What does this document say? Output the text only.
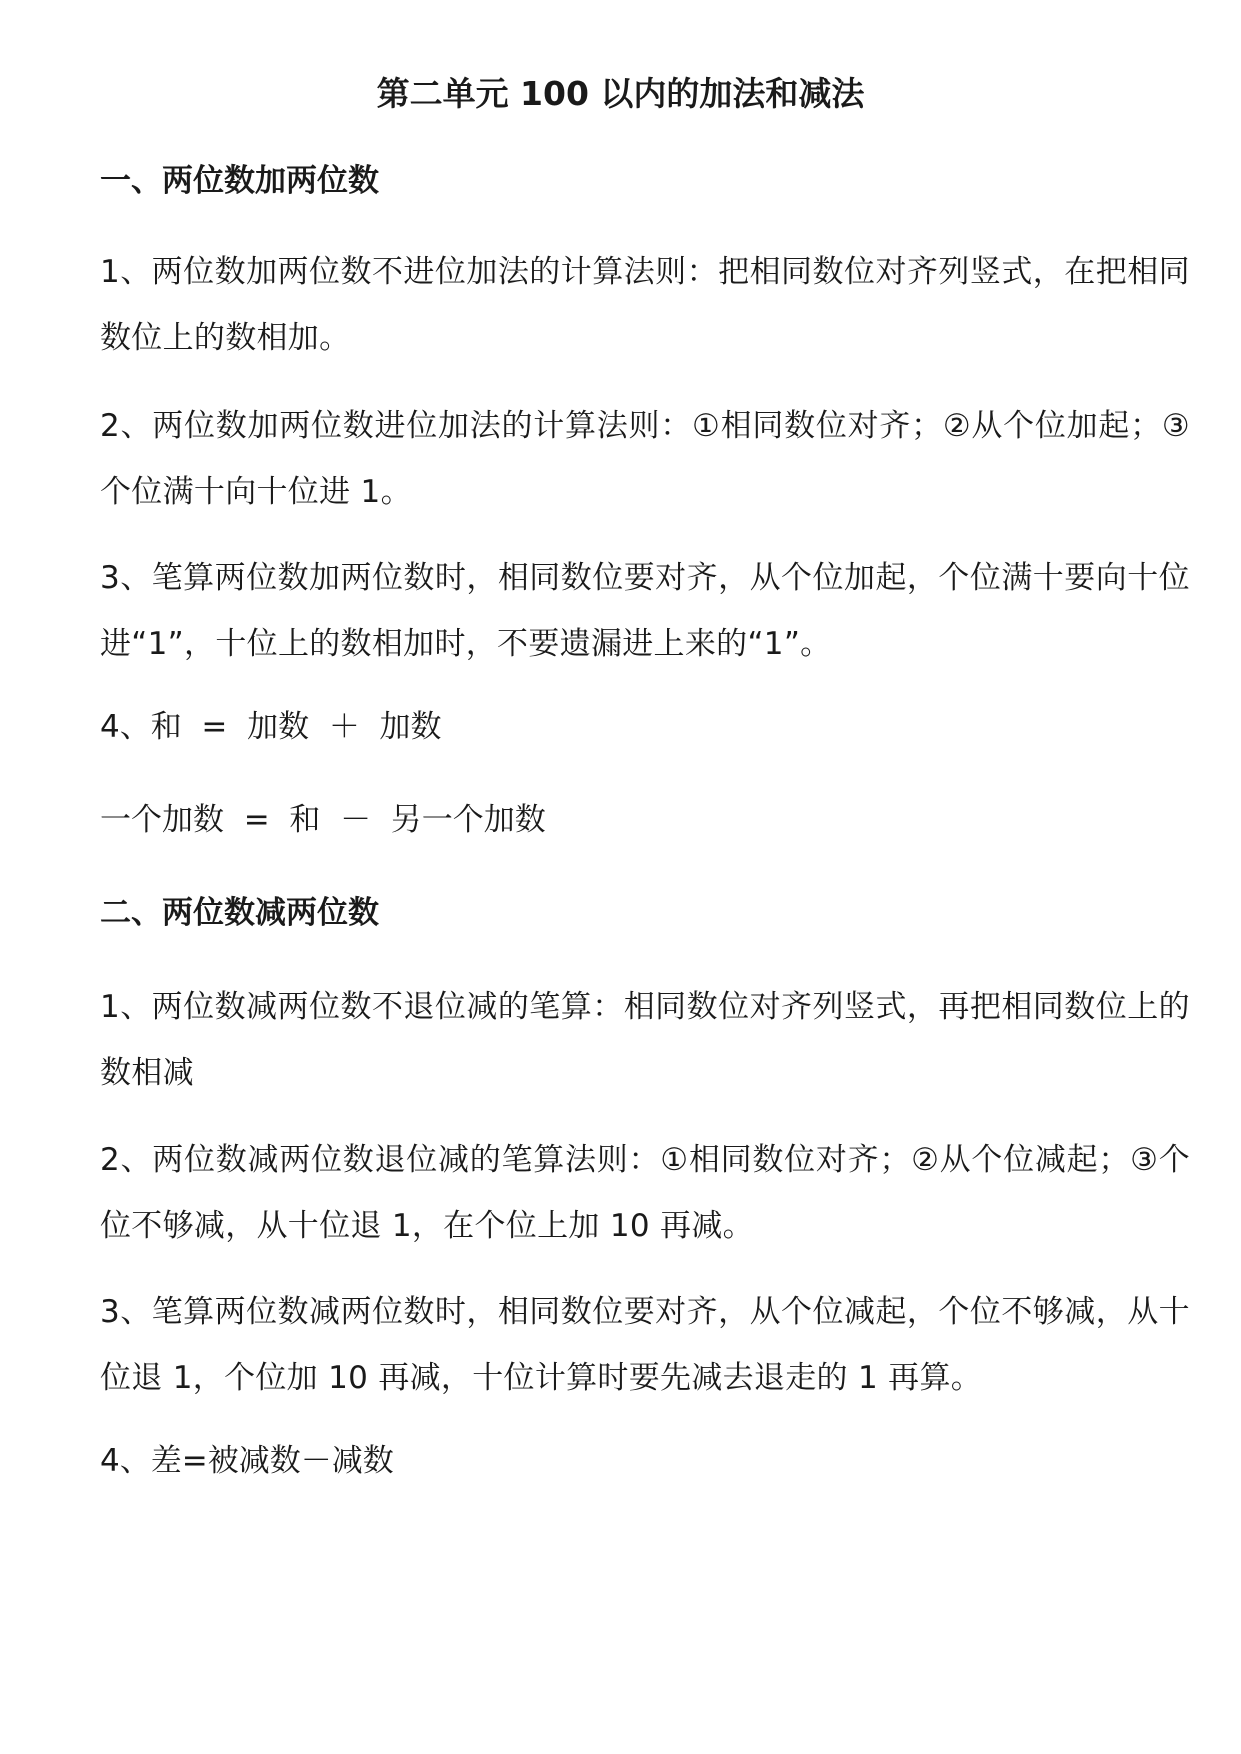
第二单元 100 以内的加法和减法
一、两位数加两位数

1、两位数加两位数不进位加法的计算法则：把相同数位对齐列竖式，在把相同数位上的数相加。

2、两位数加两位数进位加法的计算法则：①相同数位对齐；②从个位加起；③个位满十向十位进 1。

3、笔算两位数加两位数时，相同数位要对齐，从个位加起，个位满十要向十位进“1”，十位上的数相加时，不要遗漏进上来的“1”。

4、和  =  加数  ＋  加数

一个加数  =  和  －  另一个加数

二、两位数减两位数

1、两位数减两位数不退位减的笔算：相同数位对齐列竖式，再把相同数位上的数相减

2、两位数减两位数退位减的笔算法则：①相同数位对齐；②从个位减起；③个位不够减，从十位退 1，在个位上加 10 再减。

3、笔算两位数减两位数时，相同数位要对齐，从个位减起，个位不够减，从十位退 1，个位加 10 再减，十位计算时要先减去退走的 1 再算。

4、差=被减数－减数
